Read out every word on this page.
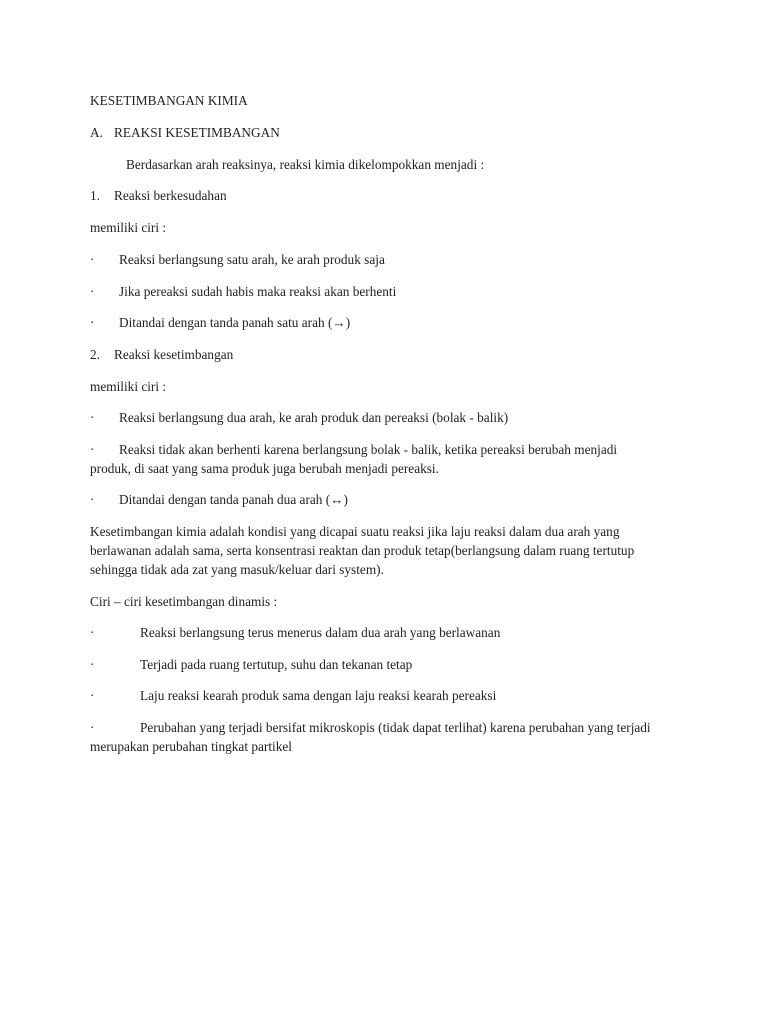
KESETIMBANGAN KIMIA
A. REAKSI KESETIMBANGAN
Berdasarkan arah reaksinya, reaksi kimia dikelompokkan menjadi :
1. Reaksi berkesudahan
memiliki ciri :
· Reaksi berlangsung satu arah, ke arah produk saja
· Jika pereaksi sudah habis maka reaksi akan berhenti
· Ditandai dengan tanda panah satu arah (→)
2. Reaksi kesetimbangan
memiliki ciri :
· Reaksi berlangsung dua arah, ke arah produk dan pereaksi (bolak - balik)
· Reaksi tidak akan berhenti karena berlangsung bolak - balik, ketika pereaksi berubah menjadi
produk, di saat yang sama produk juga berubah menjadi pereaksi.
· Ditandai dengan tanda panah dua arah (↔)
Kesetimbangan kimia adalah kondisi yang dicapai suatu reaksi jika laju reaksi dalam dua arah yang
berlawanan adalah sama, serta konsentrasi reaktan dan produk tetap(berlangsung dalam ruang tertutup
sehingga tidak ada zat yang masuk/keluar dari system).
Ciri – ciri kesetimbangan dinamis :
·	Reaksi berlangsung terus menerus dalam dua arah yang berlawanan
·	Terjadi pada ruang tertutup, suhu dan tekanan tetap
·	Laju reaksi kearah produk sama dengan laju reaksi kearah pereaksi
·	Perubahan yang terjadi bersifat mikroskopis (tidak dapat terlihat) karena perubahan yang terjadi
merupakan perubahan tingkat partikel
